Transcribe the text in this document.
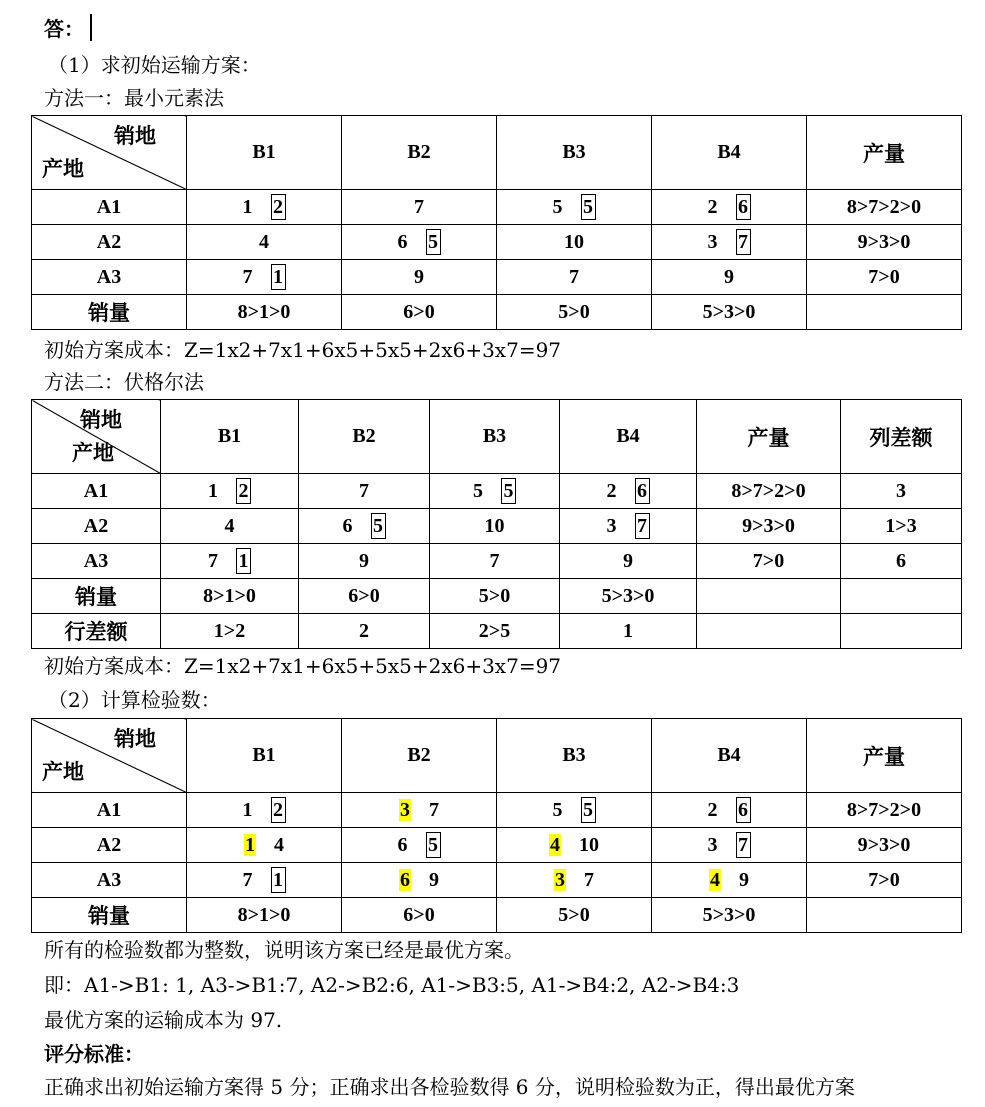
答：
（1）求初始运输方案：
方法一：最小元素法
销地
产地	B1	B2	B3	B4	产量
A1	1 2	7	5 5	2 6	8>7>2>0
A2	4	6 5	10	3 7	9>3>0
A3	7 1	9	7	9	7>0
销量	8>1>0	6>0	5>0	5>3>0	
初始方案成本：Z=1x2+7x1+6x5+5x5+2x6+3x7=97
方法二：伏格尔法
销地
产地	B1	B2	B3	B4	产量	列差额
A1	1 2	7	5 5	2 6	8>7>2>0	3
A2	4	6 5	10	3 7	9>3>0	1>3
A3	7 1	9	7	9	7>0	6
销量	8>1>0	6>0	5>0	5>3>0		
行差额	1>2	2	2>5	1		
初始方案成本：Z=1x2+7x1+6x5+5x5+2x6+3x7=97
（2）计算检验数：
销地
产地	B1	B2	B3	B4	产量
A1	1 2	3 7	5 5	2 6	8>7>2>0
A2	1 4	6 5	4 10	3 7	9>3>0
A3	7 1	6 9	3 7	4 9	7>0
销量	8>1>0	6>0	5>0	5>3>0	
所有的检验数都为整数，说明该方案已经是最优方案。
即：A1->B1: 1, A3->B1:7, A2->B2:6, A1->B3:5, A1->B4:2, A2->B4:3
最优方案的运输成本为 97.
评分标准：
正确求出初始运输方案得 5 分；正确求出各检验数得 6 分，说明检验数为正，得出最优方案
